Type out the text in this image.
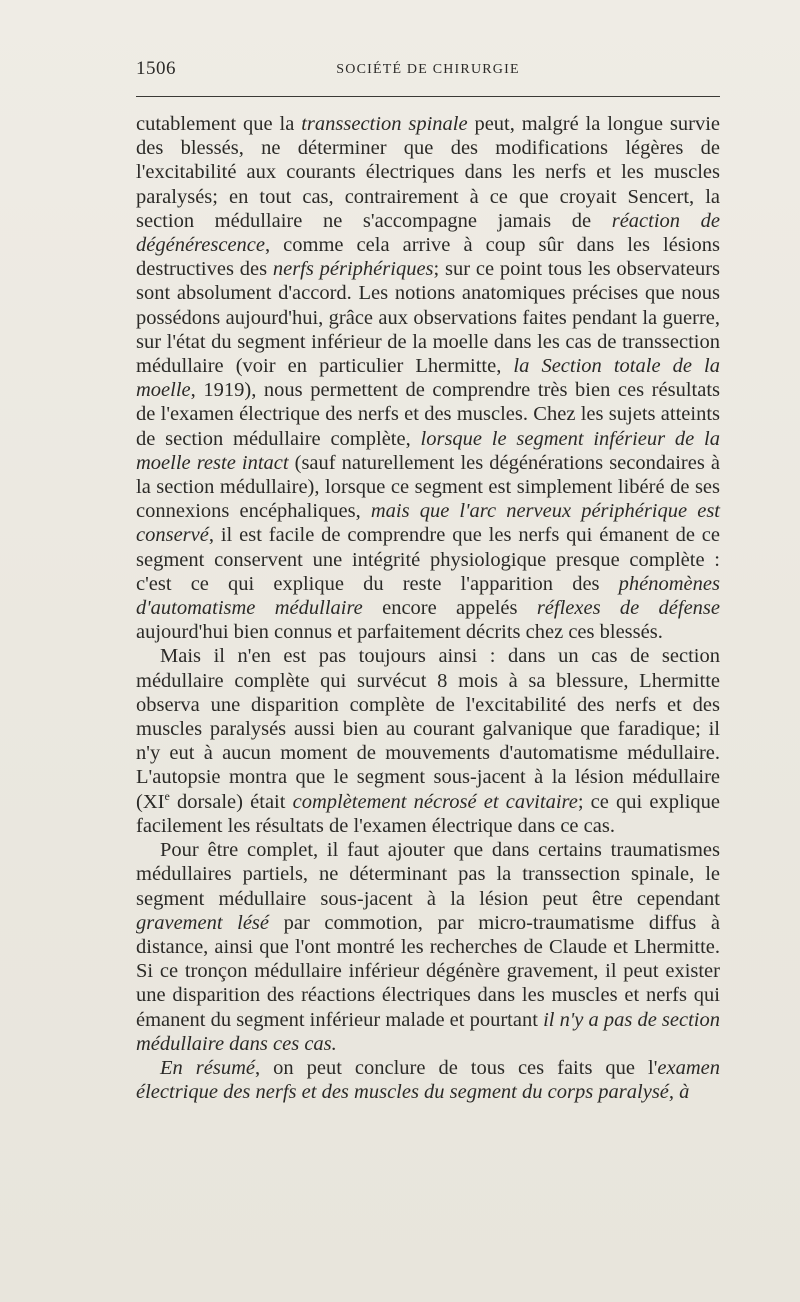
1506	SOCIÉTÉ DE CHIRURGIE

cutablement que la transsection spinale peut, malgré la longue survie des blessés, ne déterminer que des modifications légères de l'excitabilité aux courants électriques dans les nerfs et les muscles paralysés; en tout cas, contrairement à ce que croyait Sencert, la section médullaire ne s'accompagne jamais de réaction de dégénérescence, comme cela arrive à coup sûr dans les lésions destructives des nerfs périphériques; sur ce point tous les observateurs sont absolument d'accord. Les notions anatomiques précises que nous possédons aujourd'hui, grâce aux observations faites pendant la guerre, sur l'état du segment inférieur de la moelle dans les cas de transsection médullaire (voir en particulier Lhermitte, la Section totale de la moelle, 1919), nous permettent de comprendre très bien ces résultats de l'examen électrique des nerfs et des muscles. Chez les sujets atteints de section médullaire complète, lorsque le segment inférieur de la moelle reste intact (sauf naturellement les dégénérations secondaires à la section médullaire), lorsque ce segment est simplement libéré de ses connexions encéphaliques, mais que l'arc nerveux périphérique est conservé, il est facile de comprendre que les nerfs qui émanent de ce segment conservent une intégrité physiologique presque complète : c'est ce qui explique du reste l'apparition des phénomènes d'automatisme médullaire encore appelés réflexes de défense aujourd'hui bien connus et parfaitement décrits chez ces blessés.

Mais il n'en est pas toujours ainsi : dans un cas de section médullaire complète qui survécut 8 mois à sa blessure, Lhermitte observa une disparition complète de l'excitabilité des nerfs et des muscles paralysés aussi bien au courant galvanique que faradique; il n'y eut à aucun moment de mouvements d'automatisme médullaire. L'autopsie montra que le segment sous-jacent à la lésion médullaire (XIe dorsale) était complètement nécrosé et cavitaire; ce qui explique facilement les résultats de l'examen électrique dans ce cas.

Pour être complet, il faut ajouter que dans certains traumatismes médullaires partiels, ne déterminant pas la transsection spinale, le segment médullaire sous-jacent à la lésion peut être cependant gravement lésé par commotion, par micro-traumatisme diffus à distance, ainsi que l'ont montré les recherches de Claude et Lhermitte. Si ce tronçon médullaire inférieur dégénère gravement, il peut exister une disparition des réactions électriques dans les muscles et nerfs qui émanent du segment inférieur malade et pourtant il n'y a pas de section médullaire dans ces cas.

En résumé, on peut conclure de tous ces faits que l'examen électrique des nerfs et des muscles du segment du corps paralysé, à
